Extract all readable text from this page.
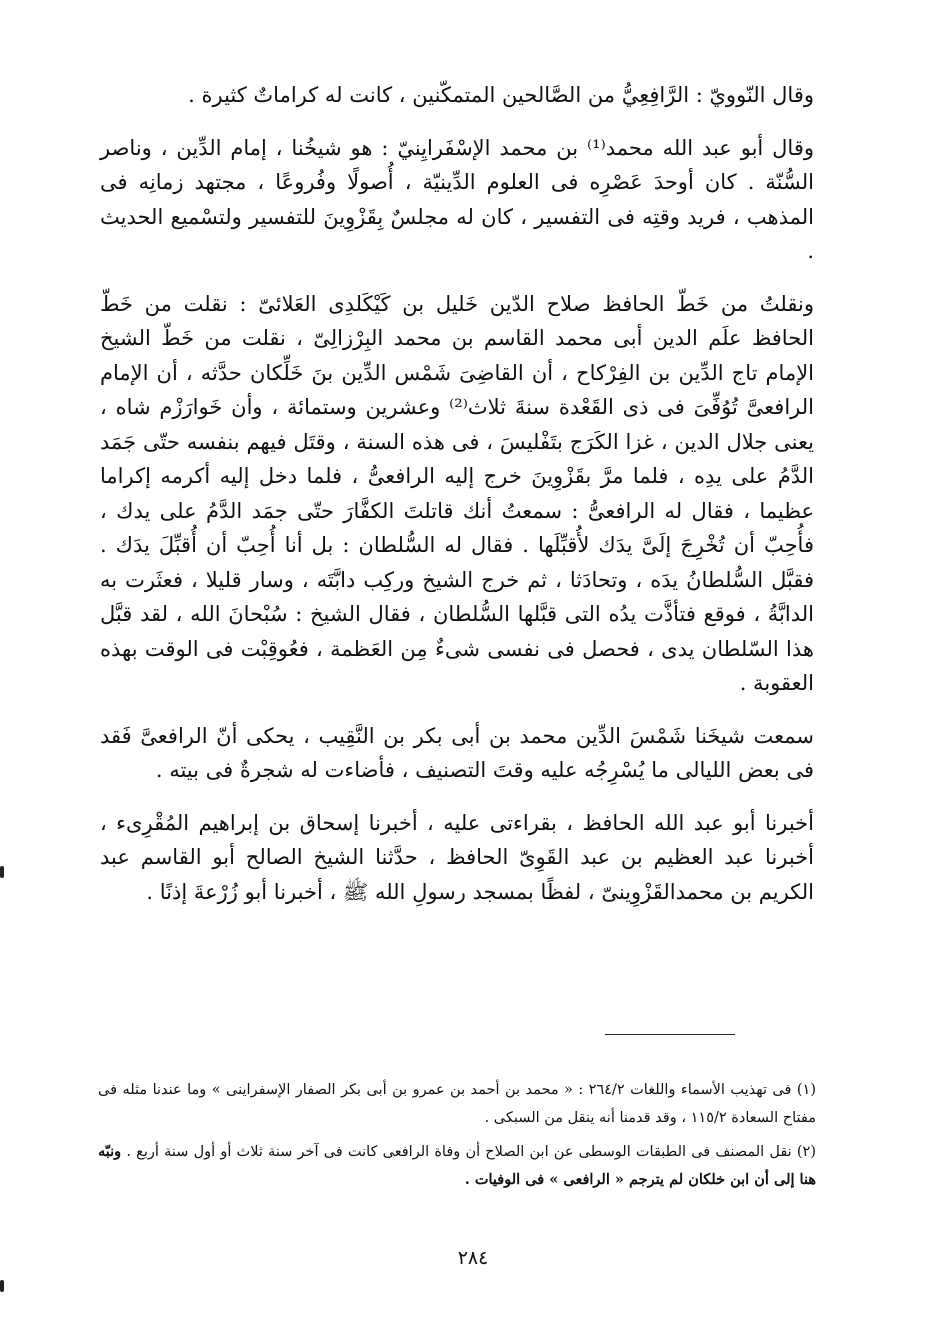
وقال النّوويّ : الرَّافِعِيُّ من الصَّالحين المتمكّنين ، كانت له كراماتٌ كثيرة .

وقال أبو عبد الله محمد⁽¹⁾ بن محمد الإسْفَرايِنيّ : هو شيخُنا ، إمام الدِّين ، وناصر السُّنّة . كان أوحدَ عَصْرِه فى العلوم الدِّينيّة ، أُصولًا وفُروعًا ، مجتهد زمانِه فى المذهب ، فريد وقتِه فى التفسير ، كان له مجلسٌ بِقَزْوِينَ للتفسير ولتسْميع الحديث .

ونقلتُ من خَطّ الحافظ صلاح الدّين خَليل بن كَيْكَلدِى العَلائىّ : نقلت من خَطّ الحافظ علَم الدين أبى محمد القاسم بن محمد البِرْزالِىّ ، نقلت من خَطّ الشيخ الإمام تاج الدِّين بن الفِرْكاح ، أن القاضِىَ شَمْس الدِّين بنَ خَلِّكان حدَّثه ، أن الإمام الرافعىَّ تُوُفِّىَ فى ذى القَعْدة سنةَ ثلاث⁽²⁾ وعشرين وستمائة ، وأن خَوارَزْم شاه ، يعنى جلال الدين ، غزا الكَرَج بتَفْليسَ ، فى هذه السنة ، وقتَل فيهم بنفسه حتّى جَمَد الدَّمُ على يدِه ، فلما مرَّ بقَزْوِينَ خرج إليه الرافعىُّ ، فلما دخل إليه أكرمه إكراما عظيما ، فقال له الرافعىُّ : سمعتُ أنك قاتلتَ الكفَّارَ حتّى جمَد الدَّمُ على يدك ، فأُحِبّ أن تُخْرِجَ إلَىَّ يدَك لأُقبِّلَها . فقال له السُّلطان : بل أنا أُحِبّ أن أُقبِّلَ يدَك . فقبَّل السُّلطانُ يدَه ، وتحادَثا ، ثم خرج الشيخ وركِب دابَّتَه ، وسار قليلا ، فعثَرت به الدابَّةُ ، فوقع فتأذَّت يدُه التى قبَّلها السُّلطان ، فقال الشيخ : سُبْحانَ الله ، لقد قبَّل هذا السّلطان يدى ، فحصل فى نفسى شىءٌ مِن العَظمة ، فعُوقِبْت فى الوقت بهذه العقوبة .

سمعت شيخَنا شَمْسَ الدِّين محمد بن أبى بكر بن النَّقِيب ، يحكى أنّ الرافعىَّ فَقد فى بعض الليالى ما يُسْرِجُه عليه وقتَ التصنيف ، فأضاءت له شجرةٌ فى بيته .

أخبرنا أبو عبد الله الحافظ ، بقراءتى عليه ، أخبرنا إسحاق بن إبراهيم المُقْرِىء ، أخبرنا عبد العظيم بن عبد القَوِىّ الحافظ ، حدَّثنا الشيخ الصالح أبو القاسم عبد الكريم بن محمدالقَزْوِينىّ ، لفظًا بمسجد رسولِ الله ﷺ ، أخبرنا أبو زُرْعةَ إذنًا .

(١) فى تهذيب الأسماء واللغات ٢٦٤/٢ : « محمد بن أحمد بن عمرو بن أبى بكر الصفار الإسفراينى » وما عندنا مثله فى مفتاح السعادة ١١٥/٢ ، وقد قدمنا أنه ينقل من السبكى .

(٢) نقل المصنف فى الطبقات الوسطى عن ابن الصلاح أن وفاة الرافعى كانت فى آخر سنة ثلاث أو أول سنة أربع . ونبّه هنا إلى أن ابن خلكان لم يترجم « الرافعى » فى الوفيات .

٢٨٤
